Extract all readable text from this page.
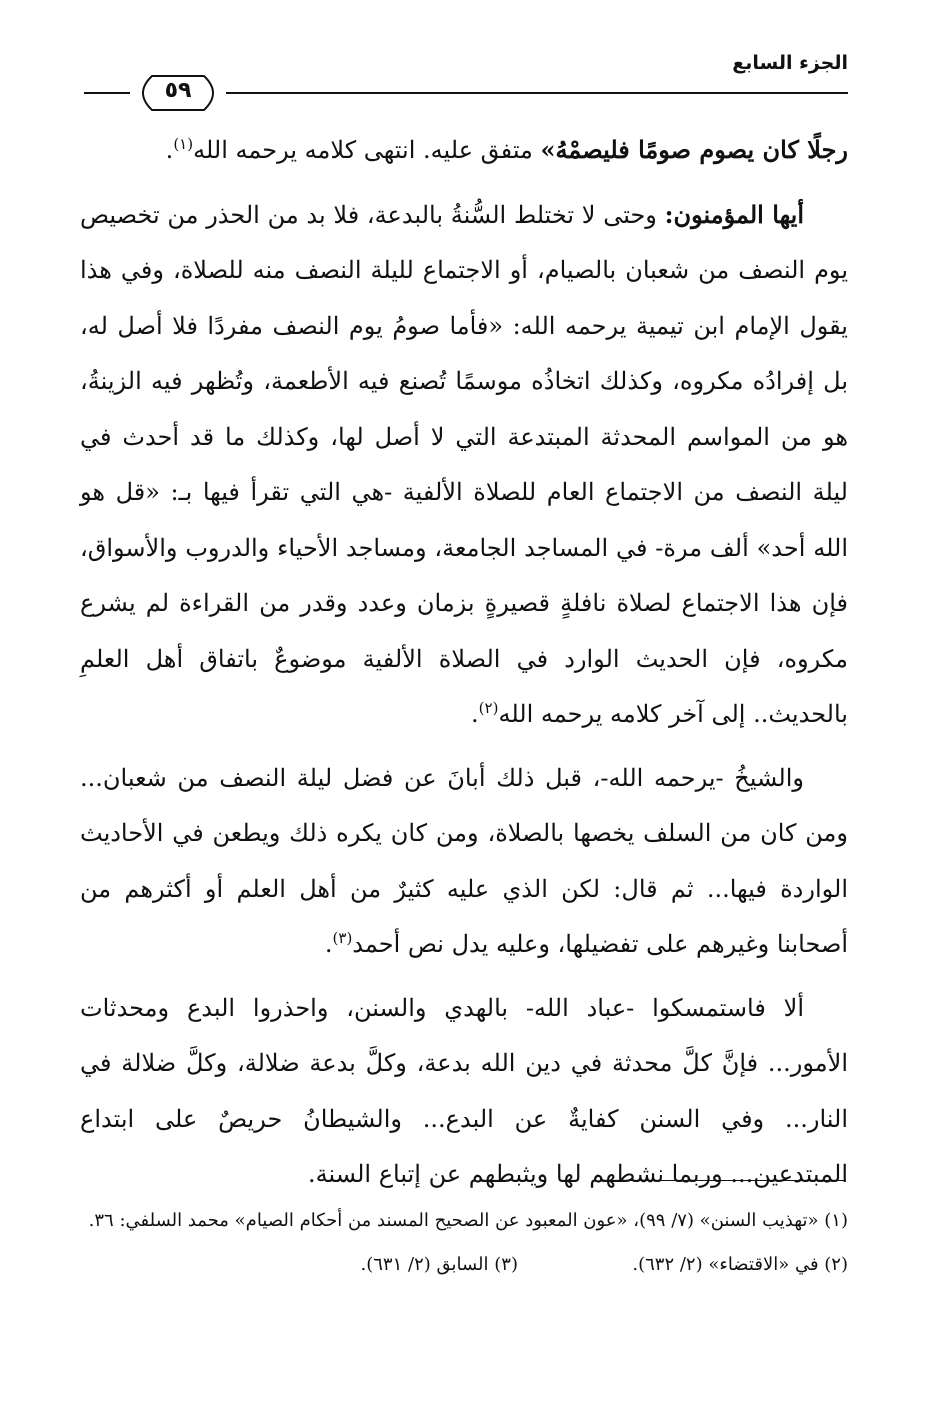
الجزء السابع
٥٩

رجلًا كان يصوم صومًا فليصمْهُ» متفق عليه. انتهى كلامه يرحمه الله$^{(١)}$.

أيها المؤمنون: وحتى لا تختلط السُّنةُ بالبدعة، فلا بد من الحذر من تخصيص يوم النصف من شعبان بالصيام، أو الاجتماع لليلة النصف منه للصلاة، وفي هذا يقول الإمام ابن تيمية يرحمه الله: «فأما صومُ يوم النصف مفردًا فلا أصل له، بل إفرادُه مكروه، وكذلك اتخاذُه موسمًا تُصنع فيه الأطعمة، وتُظهر فيه الزينةُ، هو من المواسم المحدثة المبتدعة التي لا أصل لها، وكذلك ما قد أحدث في ليلة النصف من الاجتماع العام للصلاة الألفية -هي التي تقرأ فيها بـ: «قل هو الله أحد» ألف مرة- في المساجد الجامعة، ومساجد الأحياء والدروب والأسواق، فإن هذا الاجتماع لصلاة نافلةٍ قصيرةٍ بزمان وعدد وقدر من القراءة لم يشرع مكروه، فإن الحديث الوارد في الصلاة الألفية موضوعٌ باتفاق أهل العلمِ بالحديث.. إلى آخر كلامه يرحمه الله$^{(٢)}$.

والشيخُ -يرحمه الله-، قبل ذلك أبانَ عن فضل ليلة النصف من شعبان... ومن كان من السلف يخصها بالصلاة، ومن كان يكره ذلك ويطعن في الأحاديث الواردة فيها... ثم قال: لكن الذي عليه كثيرٌ من أهل العلم أو أكثرهم من أصحابنا وغيرهم على تفضيلها، وعليه يدل نص أحمد$^{(٣)}$.

ألا فاستمسكوا -عباد الله- بالهدي والسنن، واحذروا البدع ومحدثات الأمور... فإنَّ كلَّ محدثة في دين الله بدعة، وكلَّ بدعة ضلالة، وكلَّ ضلالة في النار... وفي السنن كفايةٌ عن البدع... والشيطانُ حريصٌ على ابتداع المبتدعين... وربما نشطهم لها ويثبطهم عن إتباع السنة.

(١) «تهذيب السنن» (٧/ ٩٩)، «عون المعبود عن الصحيح المسند من أحكام الصيام» محمد السلفي: ٣٦.
(٢) في «الاقتضاء» (٢/ ٦٣٢).
(٣) السابق (٢/ ٦٣١).
